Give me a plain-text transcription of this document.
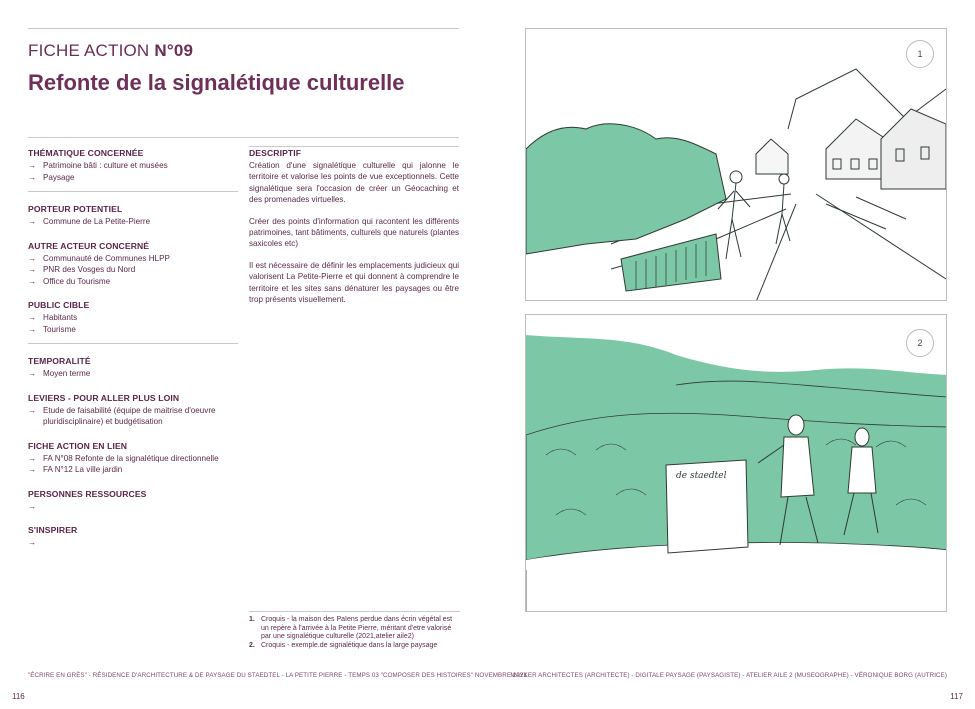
FICHE ACTION N°09
Refonte de la signalétique culturelle
THÉMATIQUE CONCERNÉE
→ Patrimoine bâti : culture et musées
→ Paysage
PORTEUR POTENTIEL
→ Commune de La Petite-Pierre
AUTRE ACTEUR CONCERNÉ
→ Communauté de Communes HLPP
→ PNR des Vosges du Nord
→ Office du Tourisme
PUBLIC CIBLE
→ Habitants
→ Tourisme
TEMPORALITÉ
→ Moyen terme
LEVIERS - POUR ALLER PLUS LOIN
→ Etude de faisabilité (équipe de maitrise d'oeuvre pluridisciplinaire) et budgétisation
FICHE ACTION EN LIEN
→ FA N°08 Refonte de la signalétique directionnelle
→ FA N°12 La ville jardin
PERSONNES RESSOURCES
→
S'INSPIRER
→
DESCRIPTIF
Création d'une signalétique culturelle qui jalonne le territoire et valorise les points de vue exceptionnels. Cette signalétique sera l'occasion de créer un Géocaching et des promenades virtuelles.
Créer des points d'information qui racontent les différents patrimoines, tant bâtiments, culturels que naturels (plantes saxicoles etc)
Il est nécessaire de définir les emplacements judicieux qui valorisent La Petite-Pierre et qui donnent à comprendre le territoire et les sites sans dénaturer les paysages ou être trop présents visuellement.
1. Croquis - la maison des Païens perdue dans écrin végétal est un repère à l'arrivée à la Petite Pierre, méritant d'etre valorisé par une signalétique culturelle (2021,atelier aile2)
2. Croquis - exemple.de signalétique dans la large paysage
"ÉCRIRE EN GRÈS" - RÉSIDENCE D'ARCHITECTURE & DE PAYSAGE DU STAEDTEL - LA PETITE PIERRE - TEMPS 03 "COMPOSER DES HISTOIRES" NOVEMBRE 2021
MAYKER ARCHITECTES (ARCHITECTE) - DIGITALE PAYSAGE (PAYSAGISTE) - ATELIER AILE 2 (MUSEOGRAPHE) - VÉRONIQUE BORG (AUTRICE)
116	117
1
de staedtel
2
